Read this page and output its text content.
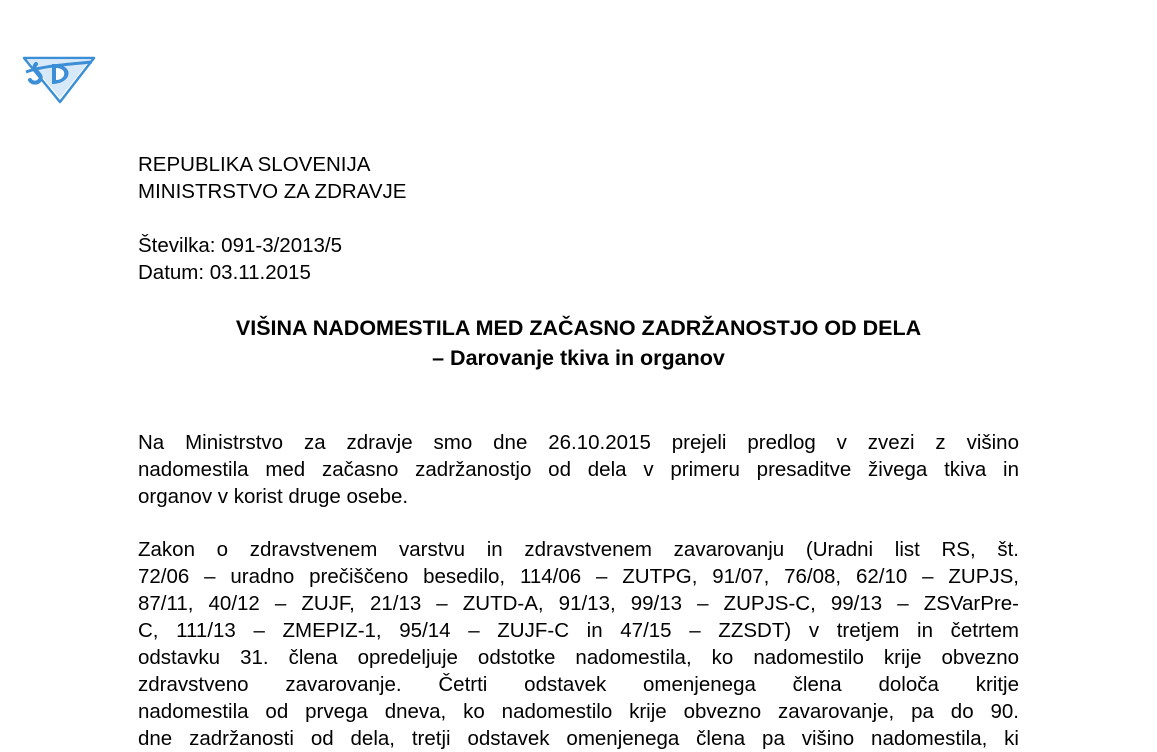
REPUBLIKA SLOVENIJA
MINISTRSTVO ZA ZDRAVJE
Številka: 091-3/2013/5
Datum: 03.11.2015
VIŠINA NADOMESTILA MED ZAČASNO ZADRŽANOSTJO OD DELA
– Darovanje tkiva in organov
Na Ministrstvo za zdravje smo dne 26.10.2015 prejeli predlog v zvezi z višino
nadomestila med začasno zadržanostjo od dela v primeru presaditve živega tkiva in
organov v korist druge osebe.
Zakon o zdravstvenem varstvu in zdravstvenem zavarovanju (Uradni list RS, št.
72/06 – uradno prečiščeno besedilo, 114/06 – ZUTPG, 91/07, 76/08, 62/10 – ZUPJS,
87/11, 40/12 – ZUJF, 21/13 – ZUTD-A, 91/13, 99/13 – ZUPJS-C, 99/13 – ZSVarPre-
C, 111/13 – ZMEPIZ-1, 95/14 – ZUJF-C in 47/15 – ZZSDT) v tretjem in četrtem
odstavku 31. člena opredeljuje odstotke nadomestila, ko nadomestilo krije obvezno
zdravstveno zavarovanje. Četrti odstavek omenjenega člena določa kritje
nadomestila od prvega dneva, ko nadomestilo krije obvezno zavarovanje, pa do 90.
dne zadržanosti od dela, tretji odstavek omenjenega člena pa višino nadomestila, ki
